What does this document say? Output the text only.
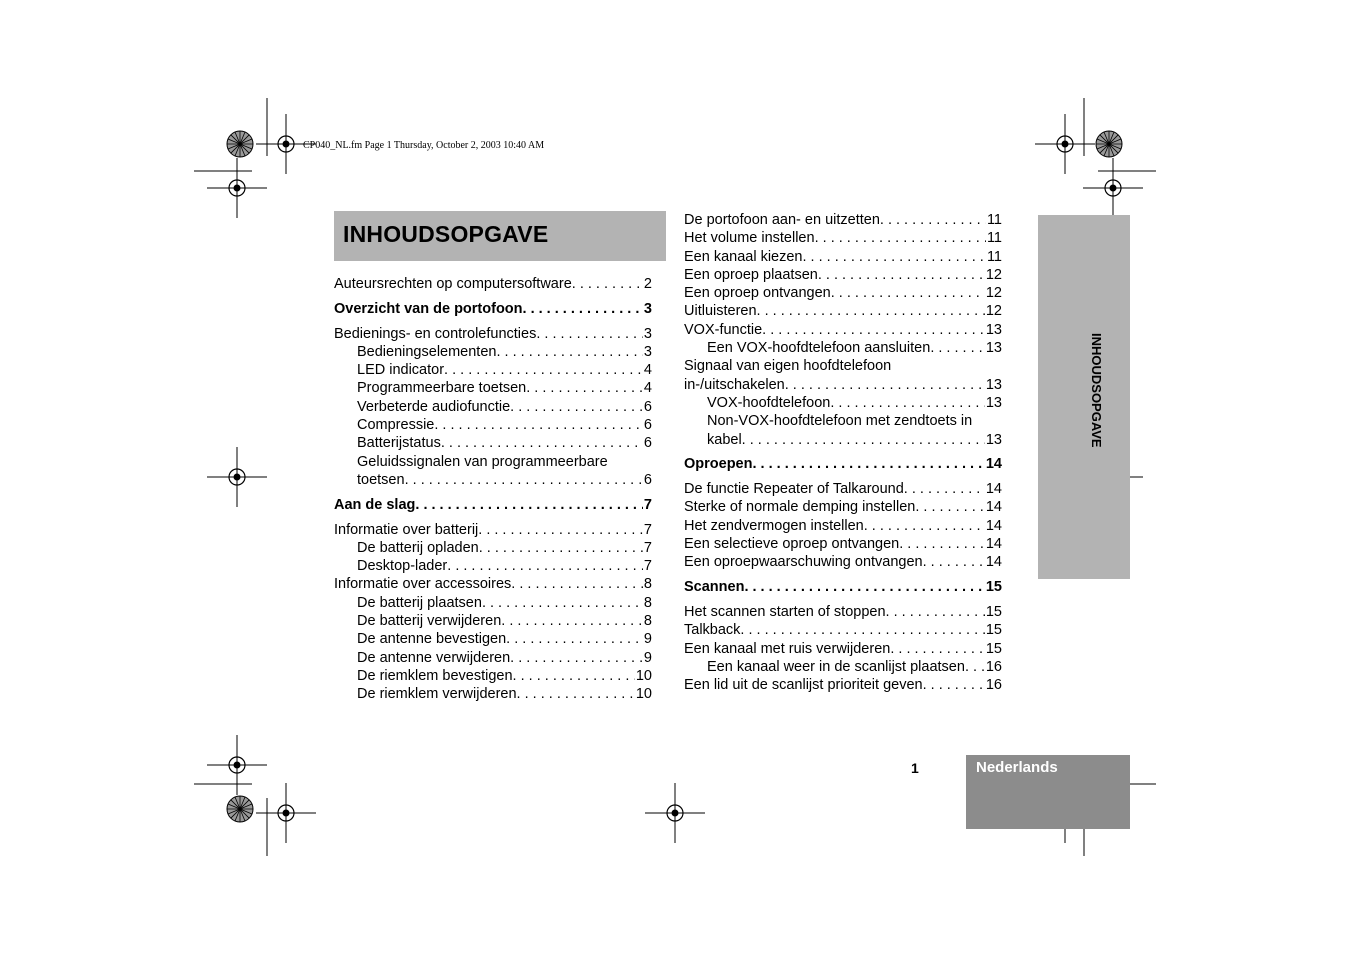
CP040_NL.fm Page 1 Thursday, October 2, 2003 10:40 AM
INHOUDSOPGAVE
INHOUDSOPGAVE
1	Nederlands
Auteursrechten op computersoftware . . .	2
Overzicht van de portofoon . . .	3
Bedienings- en controlefuncties . . .	3
Bedieningselementen . . .	3
LED indicator . . .	4
Programmeerbare toetsen . . .	4
Verbeterde audiofunctie . . .	6
Compressie . . .	6
Batterijstatus . . .	6
Geluidssignalen van programmeerbare
toetsen . . .	6
Aan de slag . . .	7
Informatie over batterij . . .	7
De batterij opladen . . .	7
Desktop-lader . . .	7
Informatie over accessoires . . .	8
De batterij plaatsen . . .	8
De batterij verwijderen . . .	8
De antenne bevestigen . . .	9
De antenne verwijderen . . .	9
De riemklem bevestigen . . .	10
De riemklem verwijderen . . .	10
De portofoon aan- en uitzetten . . .	11
Het volume instellen . . .	11
Een kanaal kiezen . . .	11
Een oproep plaatsen . . .	12
Een oproep ontvangen . . .	12
Uitluisteren . . .	12
VOX-functie . . .	13
Een VOX-hoofdtelefoon aansluiten . . .	13
Signaal van eigen hoofdtelefoon
in-/uitschakelen . . .	13
VOX-hoofdtelefoon . . .	13
Non-VOX-hoofdtelefoon met zendtoets in
kabel . . .	13
Oproepen . . .	14
De functie Repeater of Talkaround . . .	14
Sterke of normale demping instellen . . .	14
Het zendvermogen instellen . . .	14
Een selectieve oproep ontvangen . . .	14
Een oproepwaarschuwing ontvangen . . .	14
Scannen . . .	15
Het scannen starten of stoppen . . .	15
Talkback . . .	15
Een kanaal met ruis verwijderen . . .	15
Een kanaal weer in de scanlijst plaatsen . . . 16
Een lid uit de scanlijst prioriteit geven . . .	16
